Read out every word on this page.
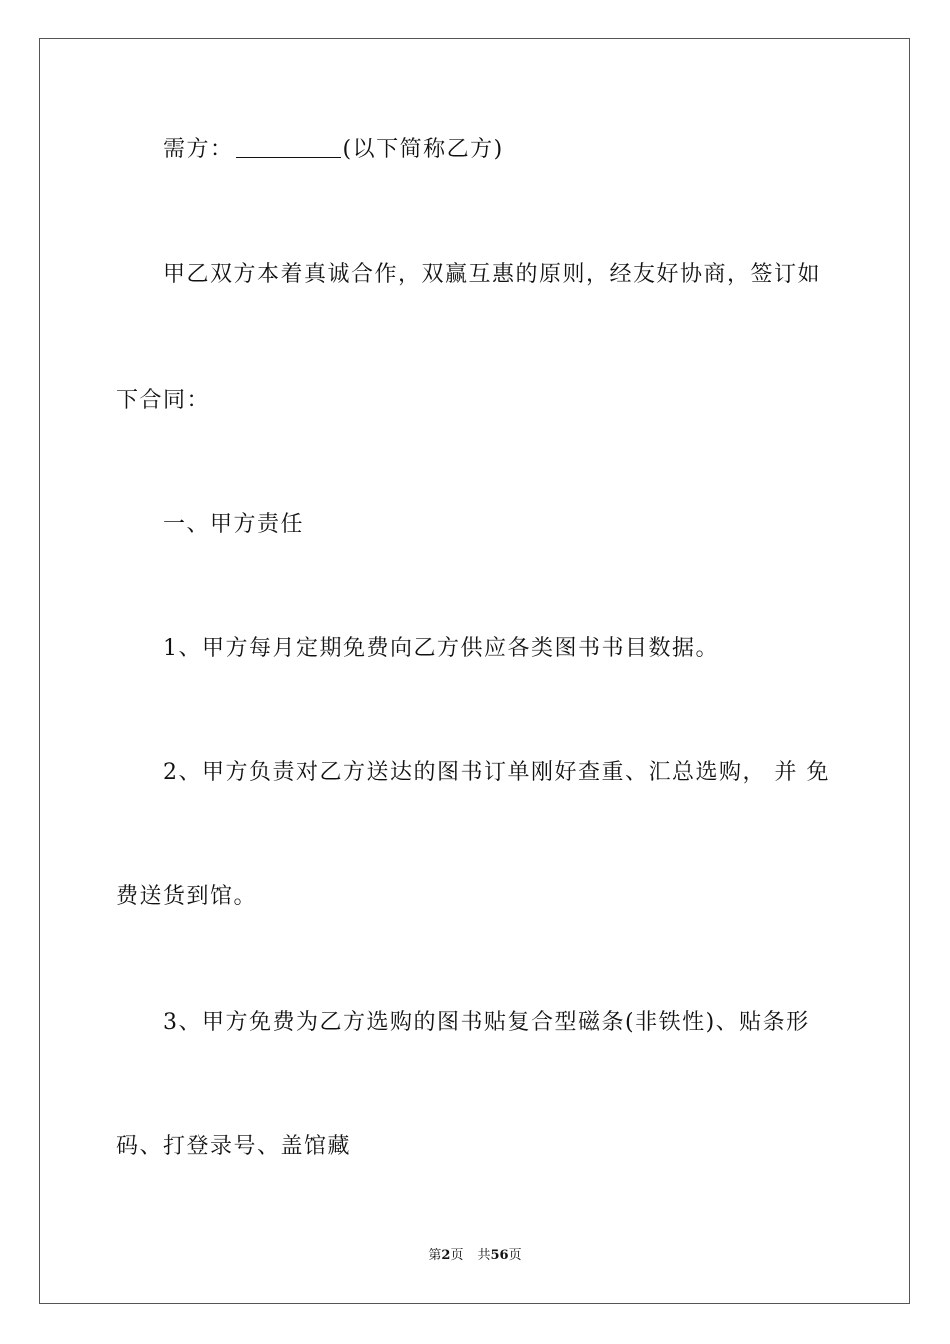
需方：	(以下简称乙方)
甲乙双方本着真诚合作，双赢互惠的原则，经友好协商，签订如
下合同：
一、甲方责任
1、甲方每月定期免费向乙方供应各类图书书目数据。
2、甲方负责对乙方送达的图书订单刚好查重、汇总选购， 并 免
费送货到馆。
3、甲方免费为乙方选购的图书贴复合型磁条(非铁性)、贴条形
码、打登录号、盖馆藏
第2页 共56页
